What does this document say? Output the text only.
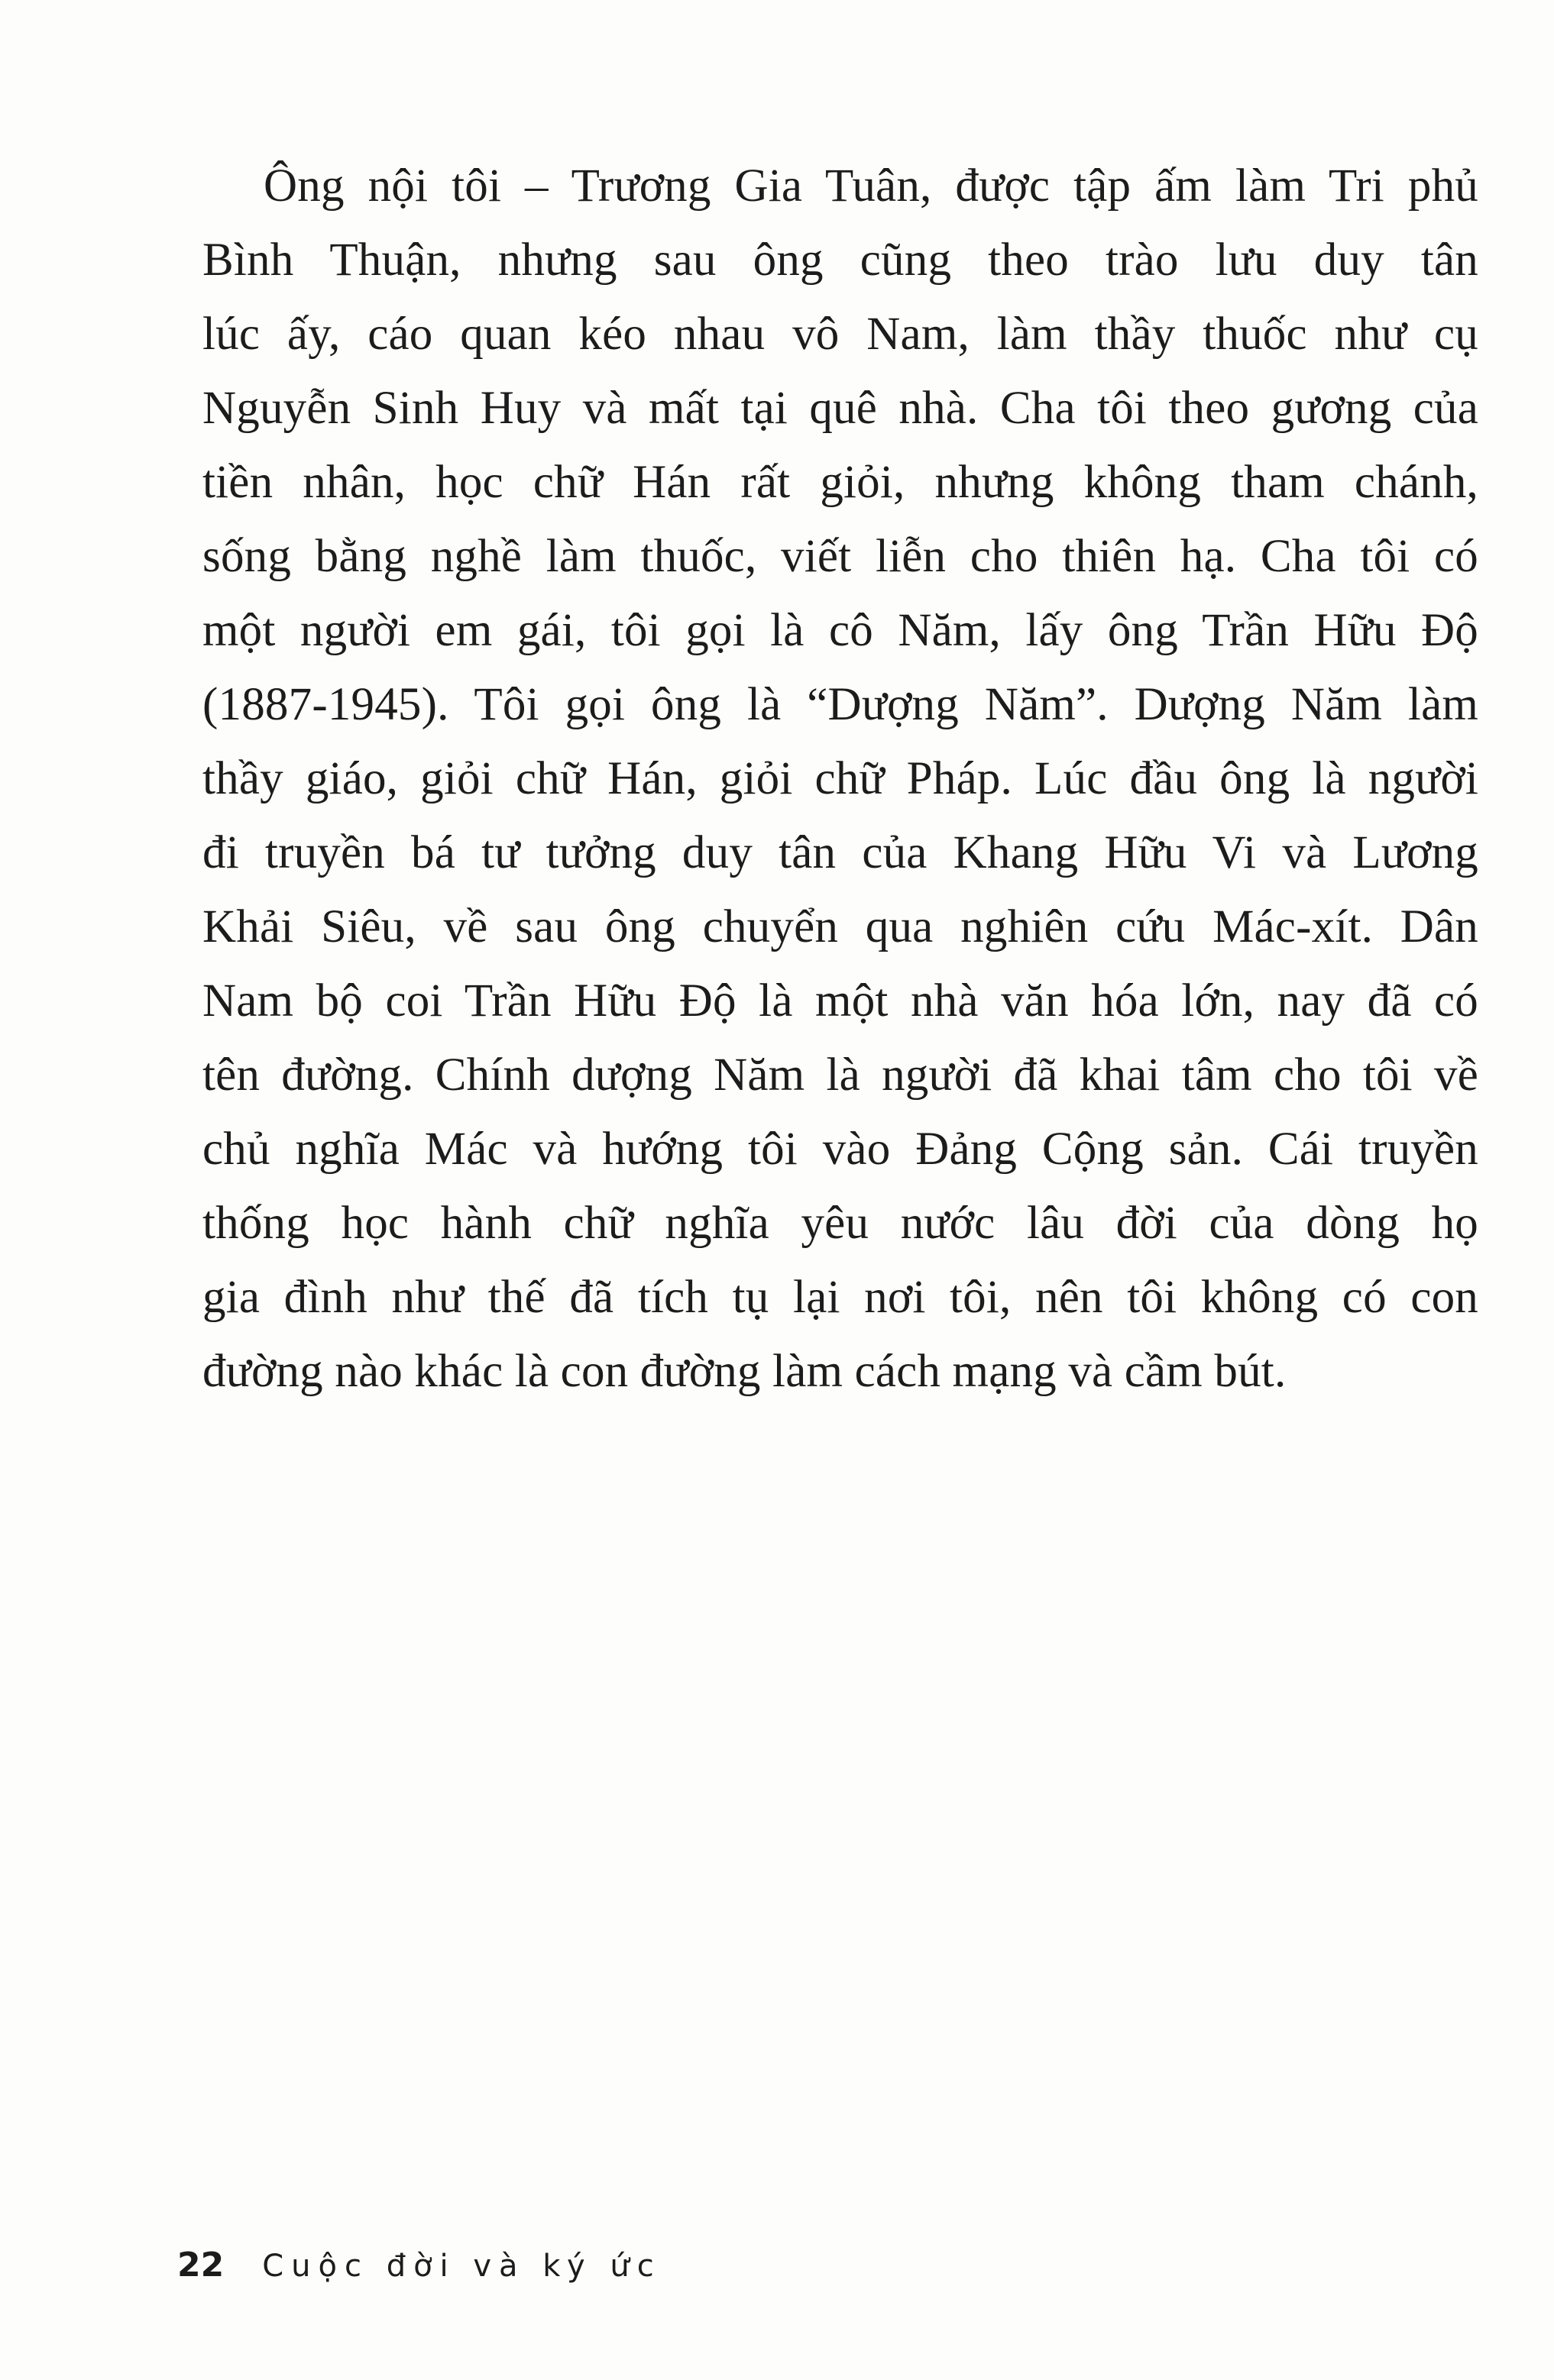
Ông nội tôi – Trương Gia Tuân, được tập ấm làm Tri phủ
Bình Thuận, nhưng sau ông cũng theo trào lưu duy tân
lúc ấy, cáo quan kéo nhau vô Nam, làm thầy thuốc như cụ
Nguyễn Sinh Huy và mất tại quê nhà. Cha tôi theo gương của
tiền nhân, học chữ Hán rất giỏi, nhưng không tham chánh,
sống bằng nghề làm thuốc, viết liễn cho thiên hạ. Cha tôi có
một người em gái, tôi gọi là cô Năm, lấy ông Trần Hữu Độ
(1887-1945). Tôi gọi ông là “Dượng Năm”. Dượng Năm làm
thầy giáo, giỏi chữ Hán, giỏi chữ Pháp. Lúc đầu ông là người
đi truyền bá tư tưởng duy tân của Khang Hữu Vi và Lương
Khải Siêu, về sau ông chuyển qua nghiên cứu Mác-xít. Dân
Nam bộ coi Trần Hữu Độ là một nhà văn hóa lớn, nay đã có
tên đường. Chính dượng Năm là người đã khai tâm cho tôi về
chủ nghĩa Mác và hướng tôi vào Đảng Cộng sản. Cái truyền
thống học hành chữ nghĩa yêu nước lâu đời của dòng họ
gia đình như thế đã tích tụ lại nơi tôi, nên tôi không có con
đường nào khác là con đường làm cách mạng và cầm bút.
22 Cuộc đời và ký ức
